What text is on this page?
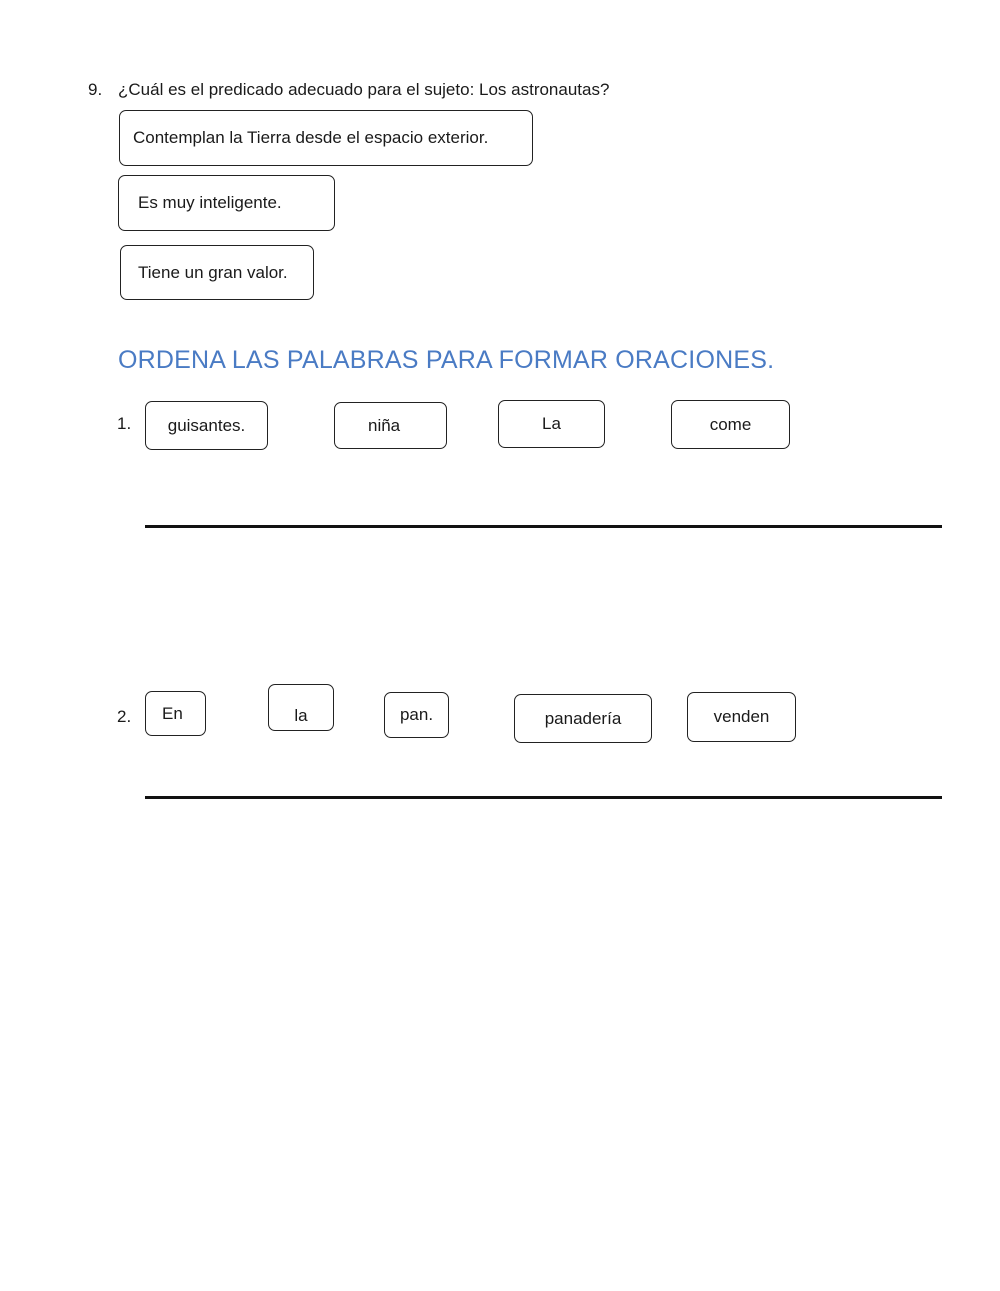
9. ¿Cuál es el predicado adecuado para el sujeto: Los astronautas?
Contemplan la Tierra desde el espacio exterior.
Es muy inteligente.
Tiene un gran valor.
ORDENA LAS PALABRAS PARA FORMAR ORACIONES.
1. guisantes.	niña	La	come
2. En	la	pan.	panadería	venden
